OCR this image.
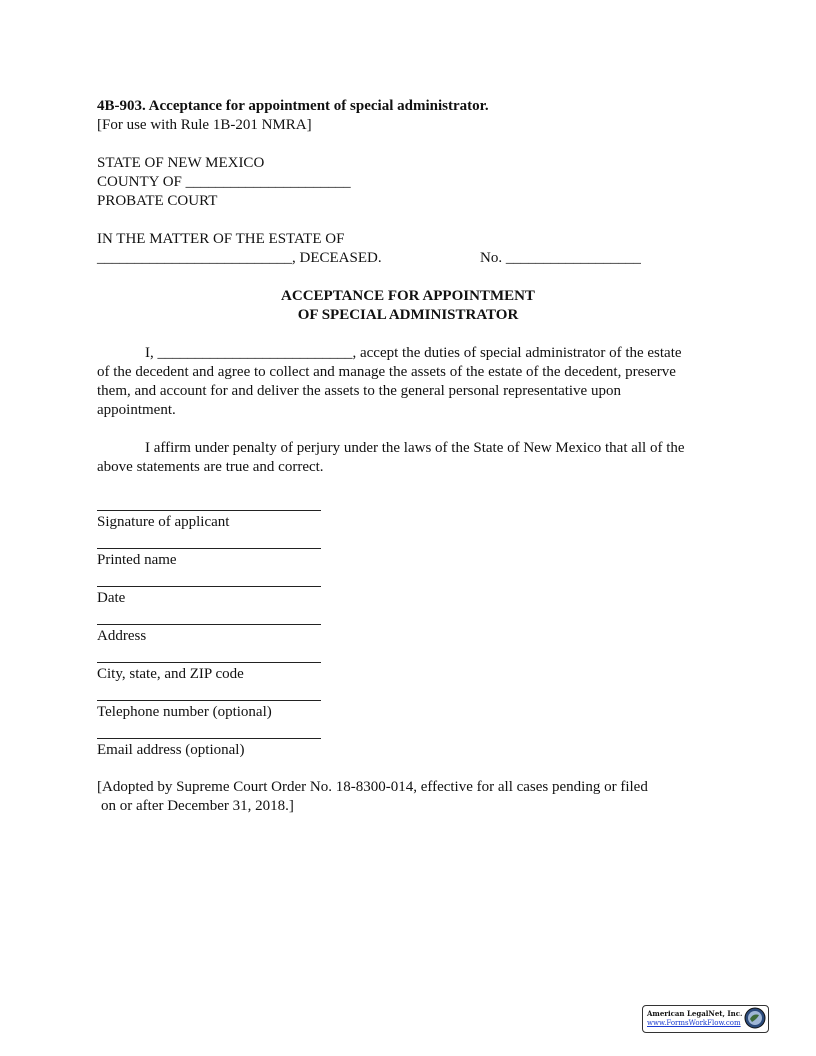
4B-903. Acceptance for appointment of special administrator.
[For use with Rule 1B-201 NMRA]
STATE OF NEW MEXICO
COUNTY OF ______________________
PROBATE COURT
IN THE MATTER OF THE ESTATE OF
__________________________, DECEASED.	No. __________________
ACCEPTANCE FOR APPOINTMENT
OF SPECIAL ADMINISTRATOR
I, __________________________, accept the duties of special administrator of the estate
of the decedent and agree to collect and manage the assets of the estate of the decedent, preserve
them, and account for and deliver the assets to the general personal representative upon
appointment.
I affirm under penalty of perjury under the laws of the State of New Mexico that all of the
above statements are true and correct.
Signature of applicant
Printed name
Date
Address
City, state, and ZIP code
Telephone number (optional)
Email address (optional)
[Adopted by Supreme Court Order No. 18-8300-014, effective for all cases pending or filed
on or after December 31, 2018.]
American LegalNet, Inc.
www.FormsWorkFlow.com
